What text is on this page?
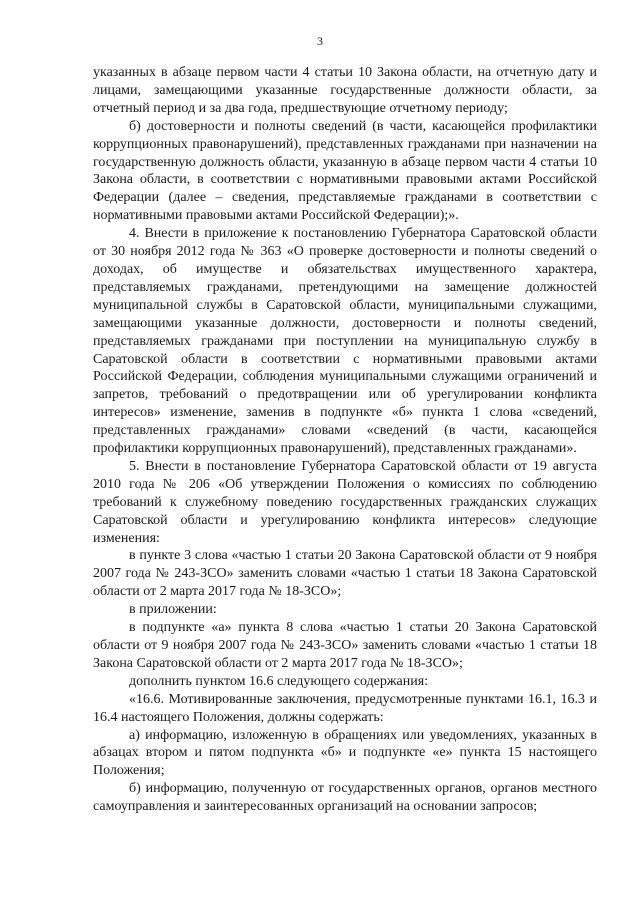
3

указанных в абзаце первом части 4 статьи 10 Закона области, на отчетную дату и лицами, замещающими указанные государственные должности области, за отчетный период и за два года, предшествующие отчетному периоду;

б) достоверности и полноты сведений (в части, касающейся профилактики коррупционных правонарушений), представленных гражданами при назначении на государственную должность области, указанную в абзаце первом части 4 статьи 10 Закона области, в соответствии с нормативными правовыми актами Российской Федерации (далее – сведения, представляемые гражданами в соответствии с нормативными правовыми актами Российской Федерации);».

4. Внести в приложение к постановлению Губернатора Саратовской области от 30 ноября 2012 года № 363 «О проверке достоверности и полноты сведений о доходах, об имуществе и обязательствах имущественного характера, представляемых гражданами, претендующими на замещение должностей муниципальной службы в Саратовской области, муниципальными служащими, замещающими указанные должности, достоверности и полноты сведений, представляемых гражданами при поступлении на муниципальную службу в Саратовской области в соответствии с нормативными правовыми актами Российской Федерации, соблюдения муниципальными служащими ограничений и запретов, требований о предотвращении или об урегулировании конфликта интересов» изменение, заменив в подпункте «б» пункта 1 слова «сведений, представленных гражданами» словами «сведений (в части, касающейся профилактики коррупционных правонарушений), представленных гражданами».

5. Внести в постановление Губернатора Саратовской области от 19 августа 2010 года № 206 «Об утверждении Положения о комиссиях по соблюдению требований к служебному поведению государственных гражданских служащих Саратовской области и урегулированию конфликта интересов» следующие изменения:

в пункте 3 слова «частью 1 статьи 20 Закона Саратовской области от 9 ноября 2007 года № 243-ЗСО» заменить словами «частью 1 статьи 18 Закона Саратовской области от 2 марта 2017 года № 18-ЗСО»;

в приложении:

в подпункте «а» пункта 8 слова «частью 1 статьи 20 Закона Саратовской области от 9 ноября 2007 года № 243-ЗСО» заменить словами «частью 1 статьи 18 Закона Саратовской области от 2 марта 2017 года № 18-ЗСО»;

дополнить пунктом 16.6 следующего содержания:

«16.6. Мотивированные заключения, предусмотренные пунктами 16.1, 16.3 и 16.4 настоящего Положения, должны содержать:

а) информацию, изложенную в обращениях или уведомлениях, указанных в абзацах втором и пятом подпункта «б» и подпункте «е» пункта 15 настоящего Положения;

б) информацию, полученную от государственных органов, органов местного самоуправления и заинтересованных организаций на основании запросов;
